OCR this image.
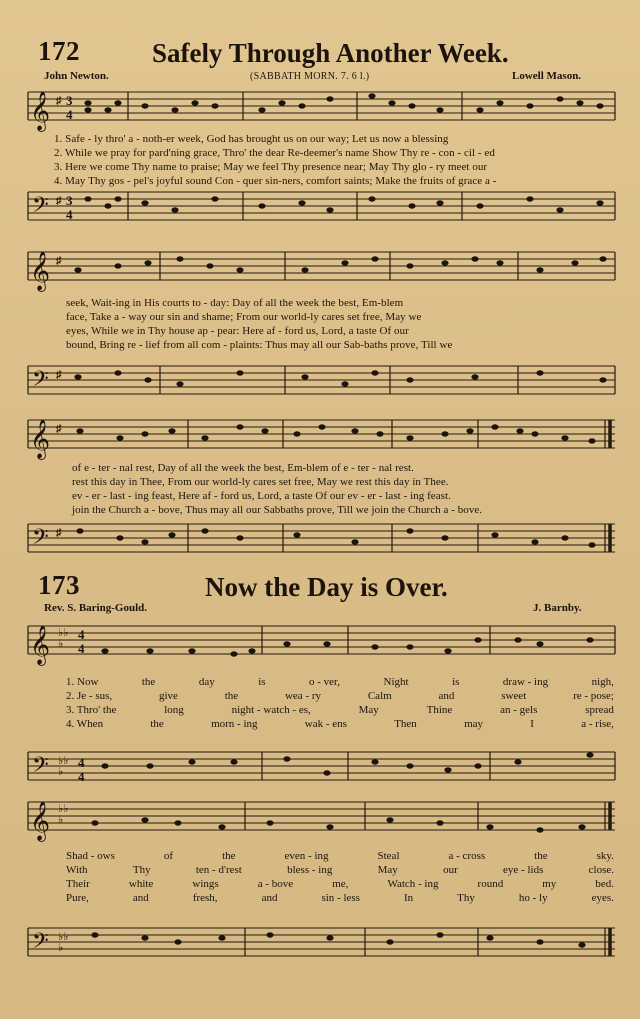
172	Safely Through Another Week.
John Newton.	(SABBATH MORN. 7. 6 l.)	Lowell Mason.
𝄞 ♯ 3
4
1. Safe - ly thro' a - noth-er week, God has brought us on our way; Let us now a blessing
2. While we pray for pard'ning grace, Thro' the dear Re-deemer's name Show Thy re - con - cil - ed
3. Here we come Thy name to praise; May we feel Thy presence near; May Thy glo - ry meet our
4. May Thy gos - pel's joyful sound Con - quer sin-ners, comfort saints; Make the fruits of grace a -
𝄢 ♯ 3
4
𝄞 ♯
seek, Wait-ing in His courts to - day: Day of all the week the best, Em-blem
face, Take a - way our sin and shame; From our world-ly cares set free, May we
eyes, While we in Thy house ap - pear: Here af - ford us, Lord, a taste Of our
bound, Bring re - lief from all com - plaints: Thus may all our Sab-baths prove, Till we
𝄢 ♯
𝄞 ♯
of e - ter - nal rest, Day of all the week the best, Em-blem of e - ter - nal rest.
rest this day in Thee, From our world-ly cares set free, May we rest this day in Thee.
ev - er - last - ing feast, Here af - ford us, Lord, a taste Of our ev - er - last - ing feast.
join the Church a - bove, Thus may all our Sabbaths prove, Till we join the Church a - bove.
𝄢 ♯
173	Now the Day is Over.
Rev. S. Baring-Gould.	J. Barnby.
𝄞 ♭♭
♭
4
4
1. Now	the	day	is	o - ver,	Night	is	draw - ing	nigh,
2. Je - sus,	give	the	wea - ry	Calm	and	sweet	re - pose;
3. Thro' the	long	night - watch - es,	May	Thine	an - gels	spread
4. When	the	morn - ing	wak - ens	Then	may	I	a - rise,
𝄢 ♭♭
♭
4
4
𝄞 ♭♭
♭
Shad - ows	of	the	even - ing	Steal	a - cross	the	sky.
With	Thy	ten - d'rest	bless - ing	May	our	eye - lids	close.
Their	white	wings	a - bove	me,	Watch - ing	round	my	bed.
Pure,	and	fresh,	and	sin - less	In	Thy	ho - ly	eyes.
𝄢 ♭♭
♭
